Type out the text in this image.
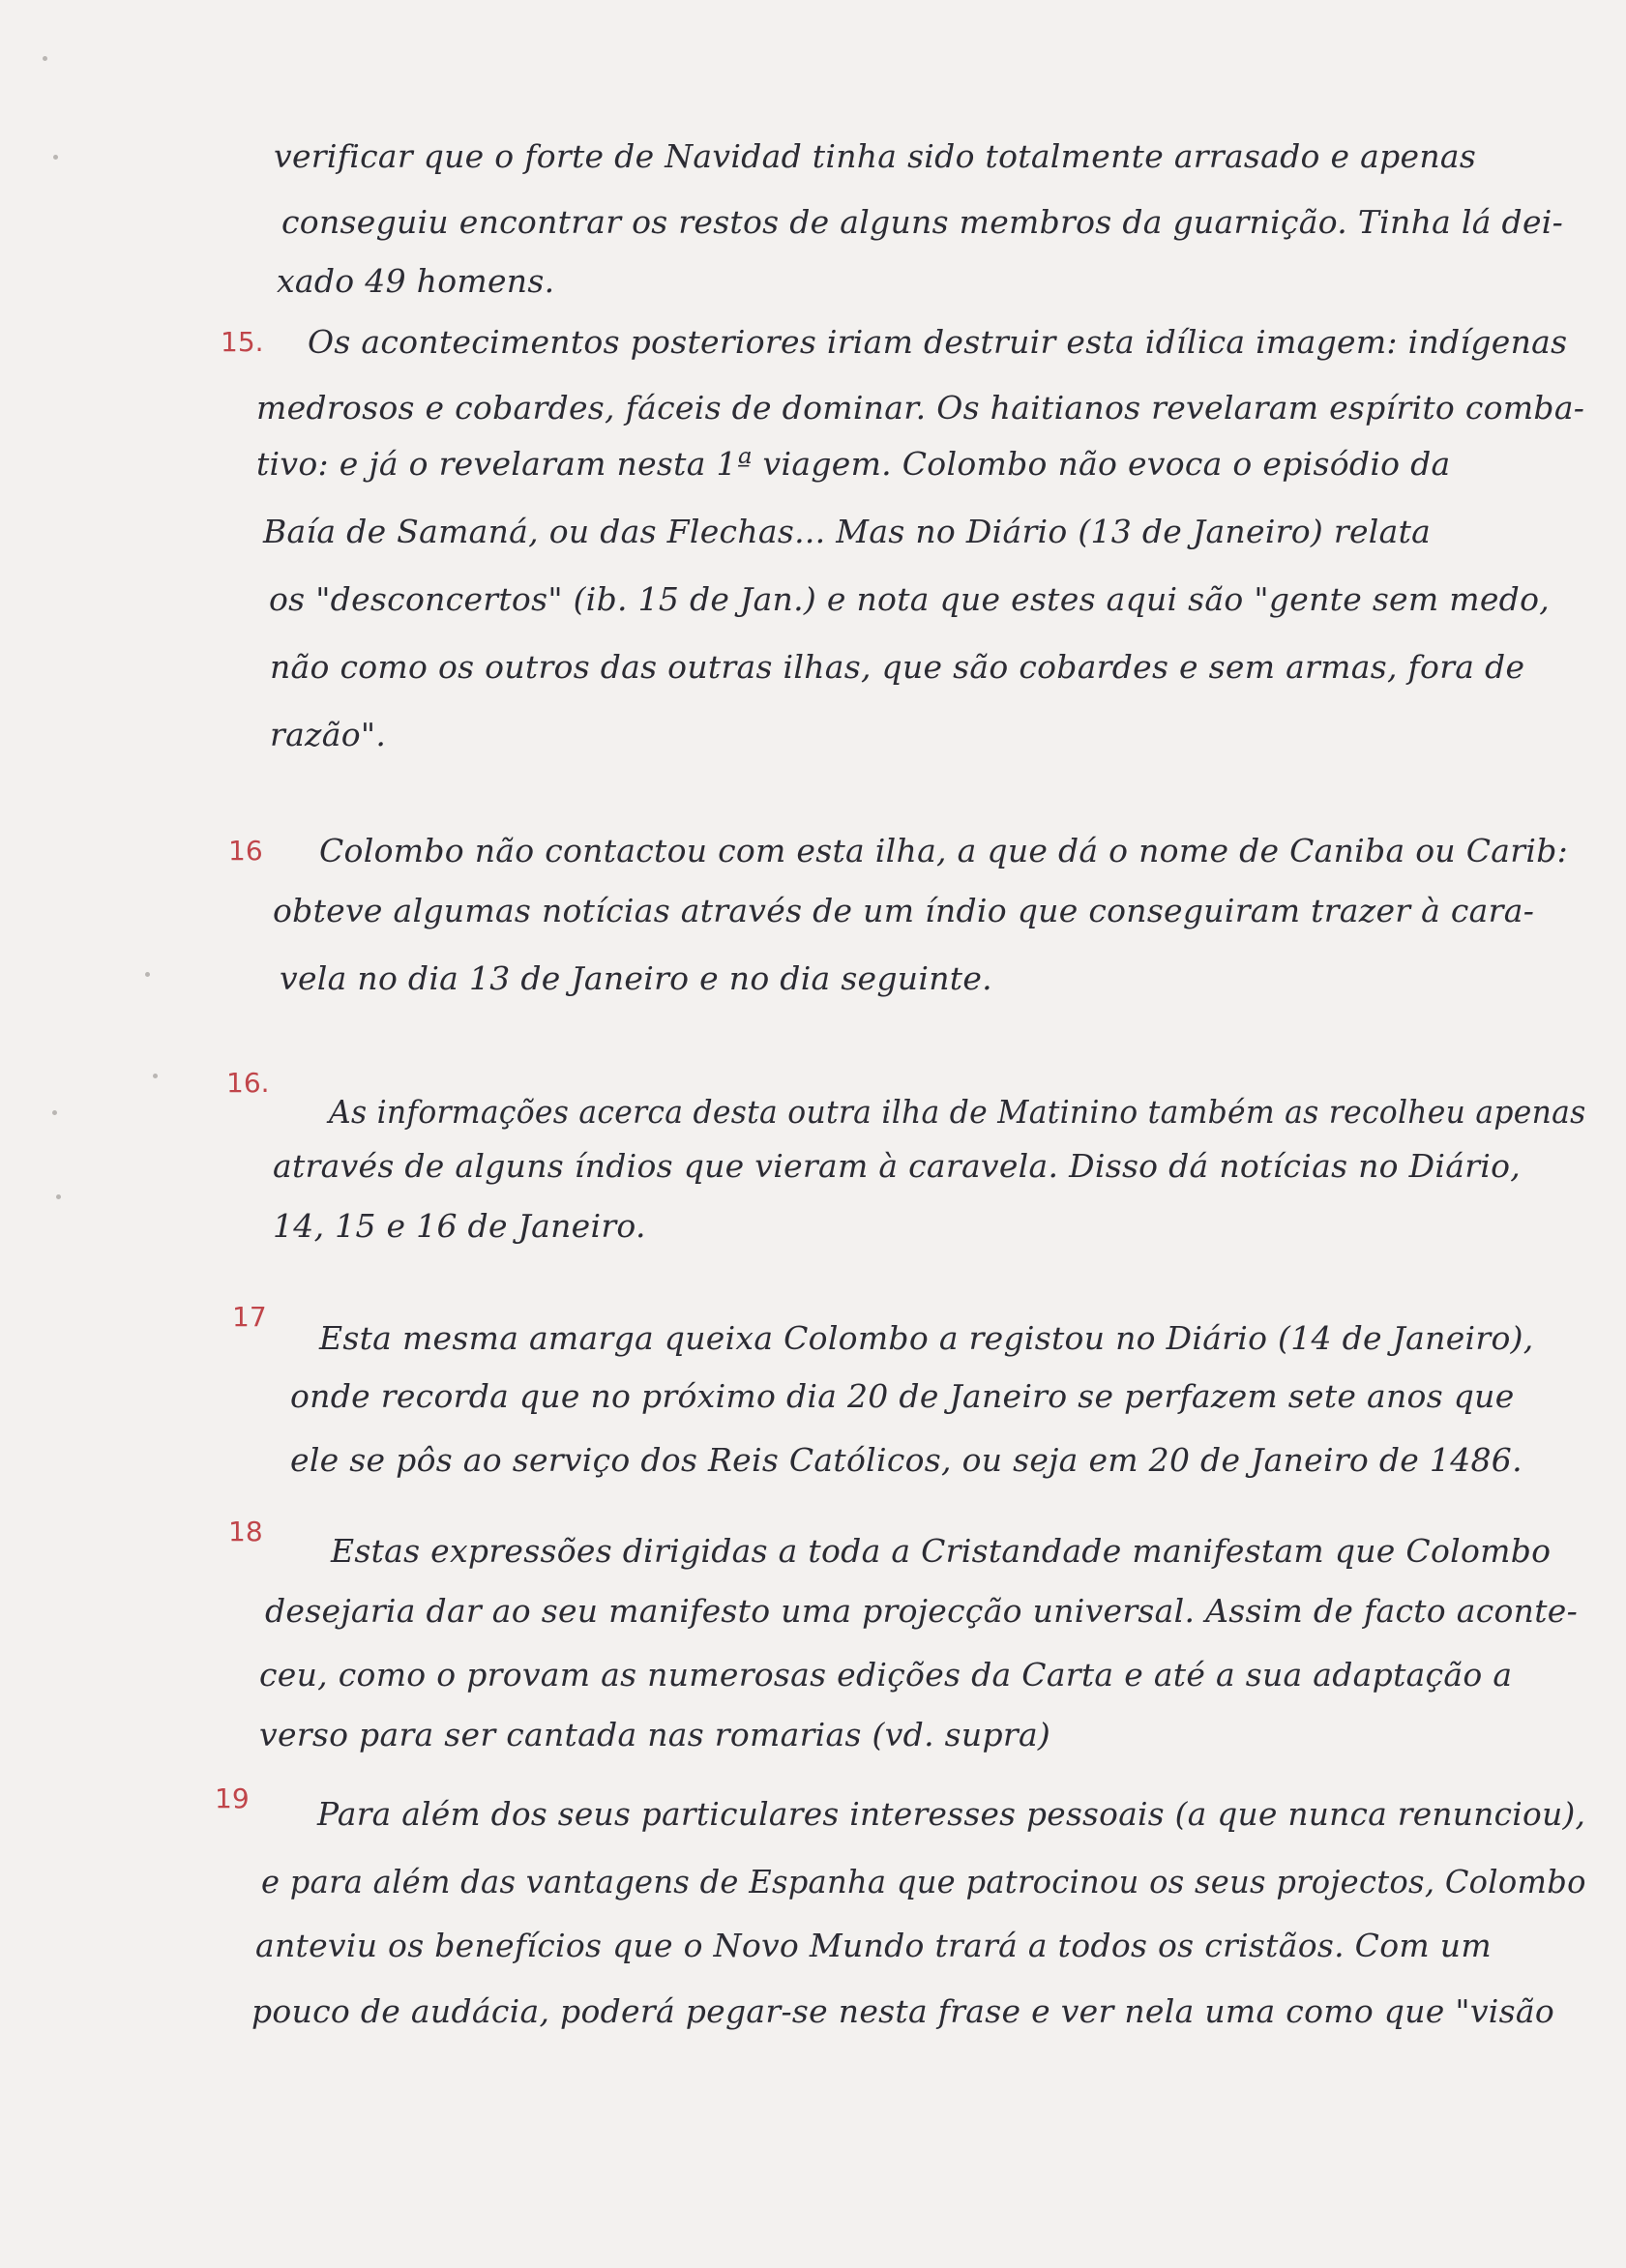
verificar que o forte de Navidad tinha sido totalmente arrasado e apenas
conseguiu encontrar os restos de alguns membros da guarnição. Tinha lá dei-
xado 49 homens.
15. Os acontecimentos posteriores iriam destruir esta idílica imagem: indígenas
medrosos e cobardes, fáceis de dominar. Os haitianos revelaram espírito comba-
tivo: e já o revelaram nesta 1ª viagem. Colombo não evoca o episódio da
Baía de Samaná, ou das Flechas... Mas no Diário (13 de Janeiro) relata
os "desconcertos" (ib. 15 de Jan.) e nota que estes aqui são "gente sem medo,
não como os outros das outras ilhas, que são cobardes e sem armas, fora de
razão".
16 Colombo não contactou com esta ilha, a que dá o nome de Caniba ou Carib:
obteve algumas notícias através de um índio que conseguiram trazer à cara-
vela no dia 13 de Janeiro e no dia seguinte.
16.
As informações acerca desta outra ilha de Matinino também as recolheu apenas
através de alguns índios que vieram à caravela. Disso dá notícias no Diário,
14, 15 e 16 de Janeiro.
17
Esta mesma amarga queixa Colombo a registou no Diário (14 de Janeiro),
onde recorda que no próximo dia 20 de Janeiro se perfazem sete anos que
ele se pôs ao serviço dos Reis Católicos, ou seja em 20 de Janeiro de 1486.
18
Estas expressões dirigidas a toda a Cristandade manifestam que Colombo
desejaria dar ao seu manifesto uma projecção universal. Assim de facto aconte-
ceu, como o provam as numerosas edições da Carta e até a sua adaptação a
verso para ser cantada nas romarias (vd. supra)
19 Para além dos seus particulares interesses pessoais (a que nunca renunciou),
e para além das vantagens de Espanha que patrocinou os seus projectos, Colombo
anteviu os benefícios que o Novo Mundo trará a todos os cristãos. Com um
pouco de audácia, poderá pegar-se nesta frase e ver nela uma como que "visão
